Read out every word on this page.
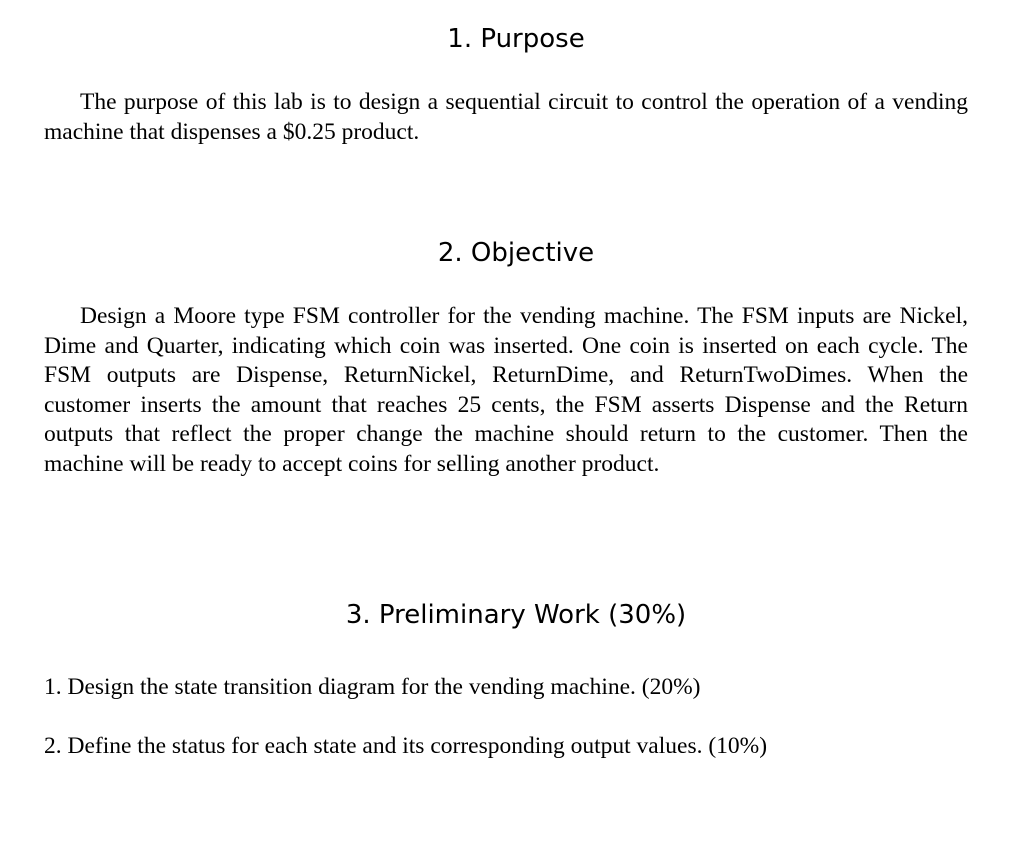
1. Purpose

The purpose of this lab is to design a sequential circuit to control the operation of a vending machine that dispenses a $0.25 product.

2. Objective

Design a Moore type FSM controller for the vending machine. The FSM inputs are Nickel, Dime and Quarter, indicating which coin was inserted. One coin is inserted on each cycle. The FSM outputs are Dispense, ReturnNickel, ReturnDime, and ReturnTwoDimes. When the customer inserts the amount that reaches 25 cents, the FSM asserts Dispense and the Return outputs that reflect the proper change the machine should return to the customer. Then the machine will be ready to accept coins for selling another product.

3. Preliminary Work (30%)

1. Design the state transition diagram for the vending machine. (20%)

2. Define the status for each state and its corresponding output values. (10%)
